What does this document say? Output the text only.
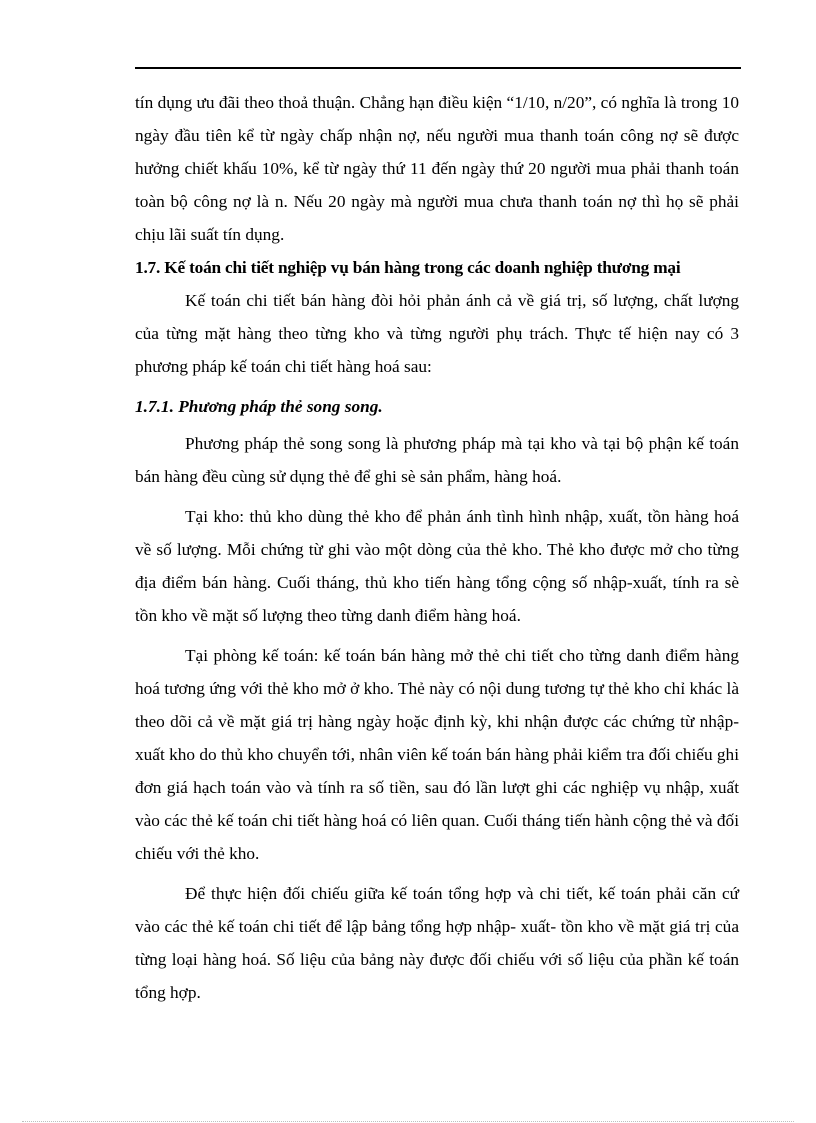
tín dụng ưu đãi theo thoả thuận. Chẳng hạn điều kiện “1/10, n/20”, có nghĩa là trong 10 ngày đầu tiên kể từ ngày chấp nhận nợ, nếu người mua thanh toán công nợ sẽ được hưởng chiết khấu 10%, kể từ ngày thứ 11 đến ngày thứ 20 người mua phải thanh toán toàn bộ công nợ là n. Nếu 20 ngày mà người mua chưa thanh toán nợ thì họ sẽ phải chịu lãi suất tín dụng.

1.7. Kế toán chi tiết nghiệp vụ bán hàng trong các doanh nghiệp thương mại

Kế toán chi tiết bán hàng đòi hỏi phản ánh cả về giá trị, số lượng, chất lượng của từng mặt hàng theo từng kho và từng người phụ trách. Thực tế hiện nay có 3 phương pháp kế toán chi tiết hàng hoá sau:

1.7.1. Phương pháp thẻ song song.

Phương pháp thẻ song song là phương pháp mà tại kho và tại bộ phận kế toán bán hàng đều cùng sử dụng thẻ để ghi sè sản phẩm, hàng hoá.

Tại kho: thủ kho dùng thẻ kho để phản ánh tình hình nhập, xuất, tồn hàng hoá về số lượng. Mỗi chứng từ ghi vào một dòng của thẻ kho. Thẻ kho được mở cho từng địa điểm bán hàng. Cuối tháng, thủ kho tiến hàng tổng cộng số nhập-xuất, tính ra sè tồn kho về mặt số lượng theo từng danh điểm hàng hoá.

Tại phòng kế toán: kế toán bán hàng mở thẻ chi tiết cho từng danh điểm hàng hoá tương ứng với thẻ kho mở ở kho. Thẻ này có nội dung tương tự thẻ kho chỉ khác là theo dõi cả về mặt giá trị hàng ngày hoặc định kỳ, khi nhận được các chứng từ nhập- xuất kho do thủ kho chuyển tới, nhân viên kế toán bán hàng phải kiểm tra đối chiếu ghi đơn giá hạch toán vào và tính ra số tiền, sau đó lần lượt ghi các nghiệp vụ nhập, xuất vào các thẻ kế toán chi tiết hàng hoá có liên quan. Cuối tháng tiến hành cộng thẻ và đối chiếu với thẻ kho.

Để thực hiện đối chiếu giữa kế toán tổng hợp và chi tiết, kế toán phải căn cứ vào các thẻ kế toán chi tiết để lập bảng tổng hợp nhập- xuất- tồn kho về mặt giá trị của từng loại hàng hoá. Số liệu của bảng này được đối chiếu với số liệu của phần kế toán tổng hợp.
